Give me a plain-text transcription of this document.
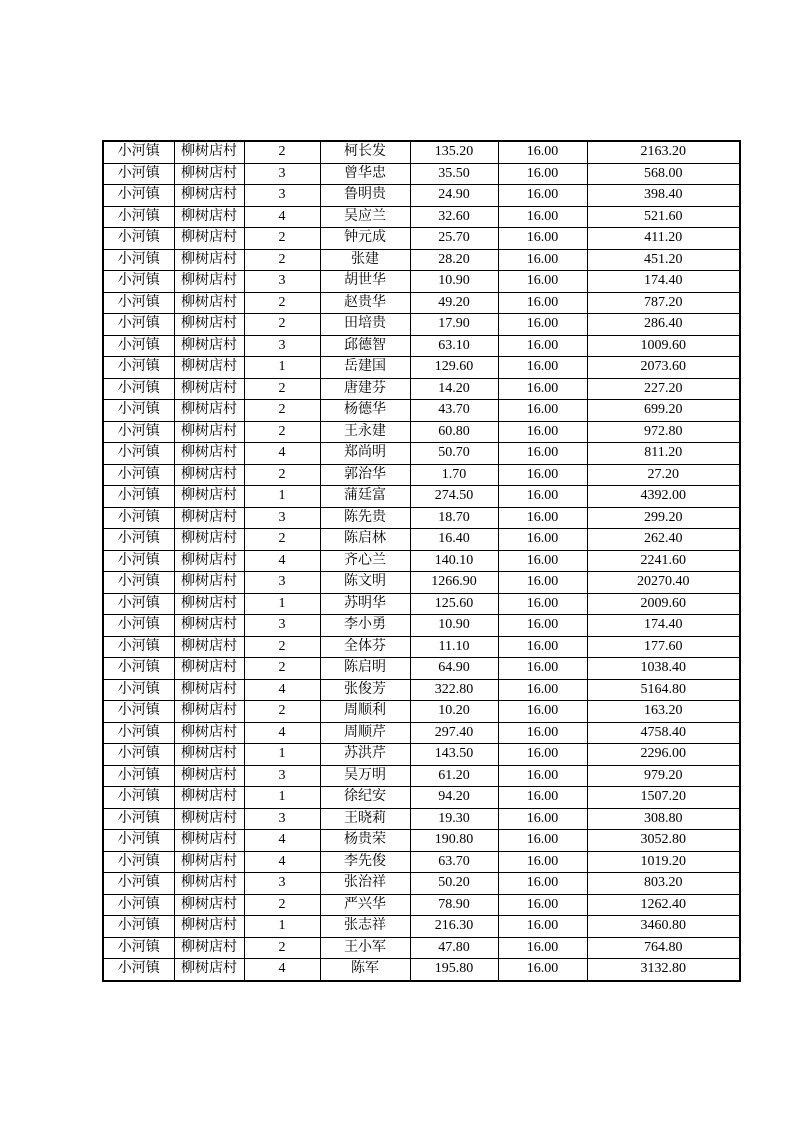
小河镇	柳树店村	2	柯长发	135.20	16.00	2163.20
小河镇	柳树店村	3	曾华忠	35.50	16.00	568.00
小河镇	柳树店村	3	鲁明贵	24.90	16.00	398.40
小河镇	柳树店村	4	吴应兰	32.60	16.00	521.60
小河镇	柳树店村	2	钟元成	25.70	16.00	411.20
小河镇	柳树店村	2	张建	28.20	16.00	451.20
小河镇	柳树店村	3	胡世华	10.90	16.00	174.40
小河镇	柳树店村	2	赵贵华	49.20	16.00	787.20
小河镇	柳树店村	2	田培贵	17.90	16.00	286.40
小河镇	柳树店村	3	邱德智	63.10	16.00	1009.60
小河镇	柳树店村	1	岳建国	129.60	16.00	2073.60
小河镇	柳树店村	2	唐建芬	14.20	16.00	227.20
小河镇	柳树店村	2	杨德华	43.70	16.00	699.20
小河镇	柳树店村	2	王永建	60.80	16.00	972.80
小河镇	柳树店村	4	郑尚明	50.70	16.00	811.20
小河镇	柳树店村	2	郭治华	1.70	16.00	27.20
小河镇	柳树店村	1	蒲廷富	274.50	16.00	4392.00
小河镇	柳树店村	3	陈先贵	18.70	16.00	299.20
小河镇	柳树店村	2	陈启林	16.40	16.00	262.40
小河镇	柳树店村	4	齐心兰	140.10	16.00	2241.60
小河镇	柳树店村	3	陈文明	1266.90	16.00	20270.40
小河镇	柳树店村	1	苏明华	125.60	16.00	2009.60
小河镇	柳树店村	3	李小勇	10.90	16.00	174.40
小河镇	柳树店村	2	全体芬	11.10	16.00	177.60
小河镇	柳树店村	2	陈启明	64.90	16.00	1038.40
小河镇	柳树店村	4	张俊芳	322.80	16.00	5164.80
小河镇	柳树店村	2	周顺利	10.20	16.00	163.20
小河镇	柳树店村	4	周顺芹	297.40	16.00	4758.40
小河镇	柳树店村	1	苏洪芹	143.50	16.00	2296.00
小河镇	柳树店村	3	吴万明	61.20	16.00	979.20
小河镇	柳树店村	1	徐纪安	94.20	16.00	1507.20
小河镇	柳树店村	3	王晓莉	19.30	16.00	308.80
小河镇	柳树店村	4	杨贵荣	190.80	16.00	3052.80
小河镇	柳树店村	4	李先俊	63.70	16.00	1019.20
小河镇	柳树店村	3	张治祥	50.20	16.00	803.20
小河镇	柳树店村	2	严兴华	78.90	16.00	1262.40
小河镇	柳树店村	1	张志祥	216.30	16.00	3460.80
小河镇	柳树店村	2	王小军	47.80	16.00	764.80
小河镇	柳树店村	4	陈军	195.80	16.00	3132.80
